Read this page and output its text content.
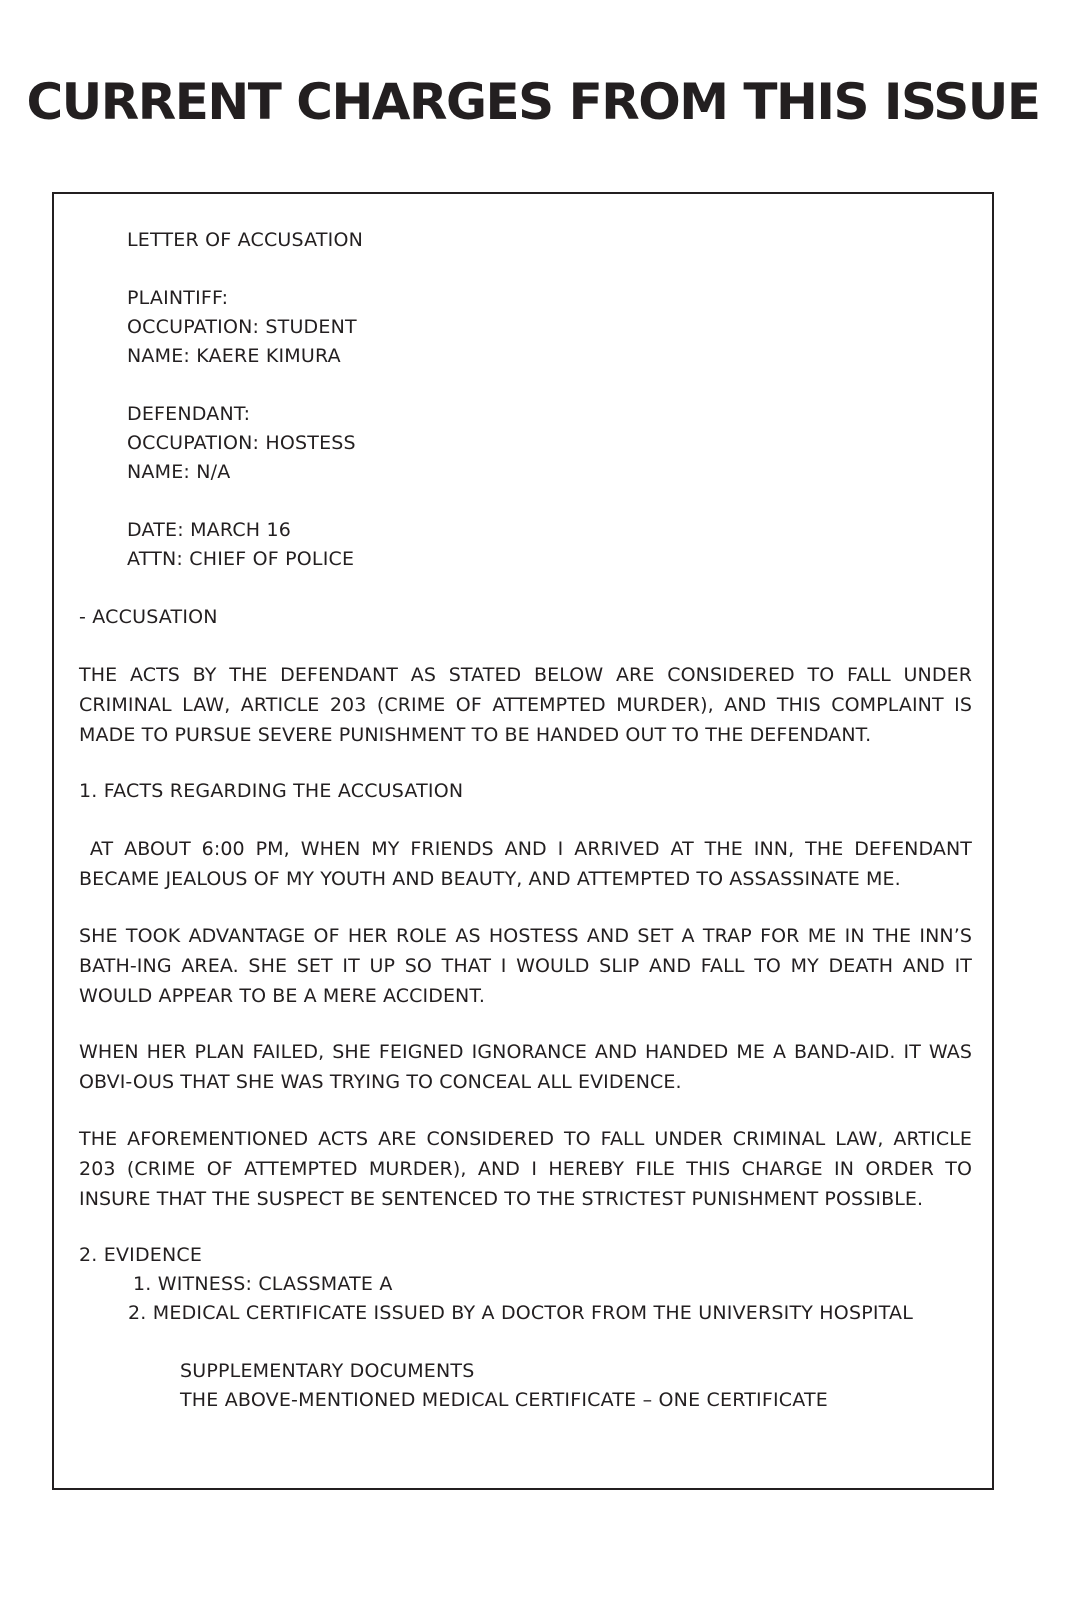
CURRENT CHARGES FROM THIS ISSUE
LETTER OF ACCUSATION
PLAINTIFF:
OCCUPATION: STUDENT
NAME: KAERE KIMURA
DEFENDANT:
OCCUPATION: HOSTESS
NAME: N/A
DATE: MARCH 16
ATTN: CHIEF OF POLICE
- ACCUSATION
THE ACTS BY THE DEFENDANT AS STATED BELOW ARE CONSIDERED TO FALL UNDER CRIMINAL LAW, ARTICLE 203 (CRIME OF ATTEMPTED MURDER), AND THIS COMPLAINT IS MADE TO PURSUE SEVERE PUNISHMENT TO BE HANDED OUT TO THE DEFENDANT.
1. FACTS REGARDING THE ACCUSATION
AT ABOUT 6:00 PM, WHEN MY FRIENDS AND I ARRIVED AT THE INN, THE DEFENDANT BECAME JEALOUS OF MY YOUTH AND BEAUTY, AND ATTEMPTED TO ASSASSINATE ME.
SHE TOOK ADVANTAGE OF HER ROLE AS HOSTESS AND SET A TRAP FOR ME IN THE INN’S BATH-ING AREA. SHE SET IT UP SO THAT I WOULD SLIP AND FALL TO MY DEATH AND IT WOULD APPEAR TO BE A MERE ACCIDENT.
WHEN HER PLAN FAILED, SHE FEIGNED IGNORANCE AND HANDED ME A BAND-AID. IT WAS OBVI-OUS THAT SHE WAS TRYING TO CONCEAL ALL EVIDENCE.
THE AFOREMENTIONED ACTS ARE CONSIDERED TO FALL UNDER CRIMINAL LAW, ARTICLE 203 (CRIME OF ATTEMPTED MURDER), AND I HEREBY FILE THIS CHARGE IN ORDER TO INSURE THAT THE SUSPECT BE SENTENCED TO THE STRICTEST PUNISHMENT POSSIBLE.
2. EVIDENCE
1. WITNESS: CLASSMATE A
2. MEDICAL CERTIFICATE ISSUED BY A DOCTOR FROM THE UNIVERSITY HOSPITAL
SUPPLEMENTARY DOCUMENTS
THE ABOVE-MENTIONED MEDICAL CERTIFICATE – ONE CERTIFICATE
